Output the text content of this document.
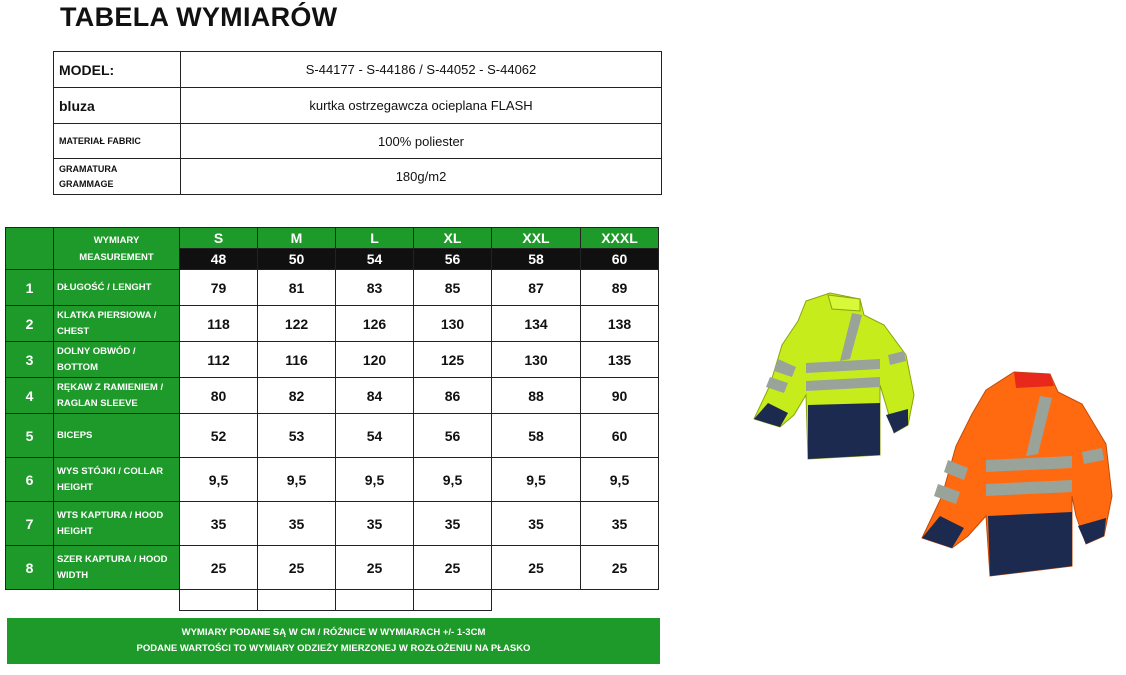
TABELA WYMIARÓW
MODEL:	S-44177 - S-44186 / S-44052 - S-44062
bluza	kurtka ostrzegawcza ocieplana FLASH
MATERIAŁ FABRIC	100% poliester

GRAMATURA
GRAMMAGE	180g/m2

	WYMIARY
MEASUREMENT	S	M	L	XL	XXL	XXXL
		48	50	54	56	58	60
1	DŁUGOŚĆ / LENGHT	79	81	83	85	87	89
2	KLATKA PIERSIOWA /
CHEST	118	122	126	130	134	138
3	DOLNY OBWÓD /
BOTTOM	112	116	120	125	130	135
4	RĘKAW Z RAMIENIEM /
RAGLAN SLEEVE	80	82	84	86	88	90
5	BICEPS	52	53	54	56	58	60
6	WYS STÓJKI / COLLAR
HEIGHT	9,5	9,5	9,5	9,5	9,5	9,5
7	WTS KAPTURA / HOOD
HEIGHT	35	35	35	35	35	35
8	SZER KAPTURA / HOOD
WIDTH	25	25	25	25	25	25

WYMIARY PODANE SĄ W CM / RÓŻNICE W WYMIARACH +/- 1-3CM
PODANE WARTOŚCI TO WYMIARY ODZIEŻY MIERZONEJ W ROZŁOŻENIU NA PŁASKO
